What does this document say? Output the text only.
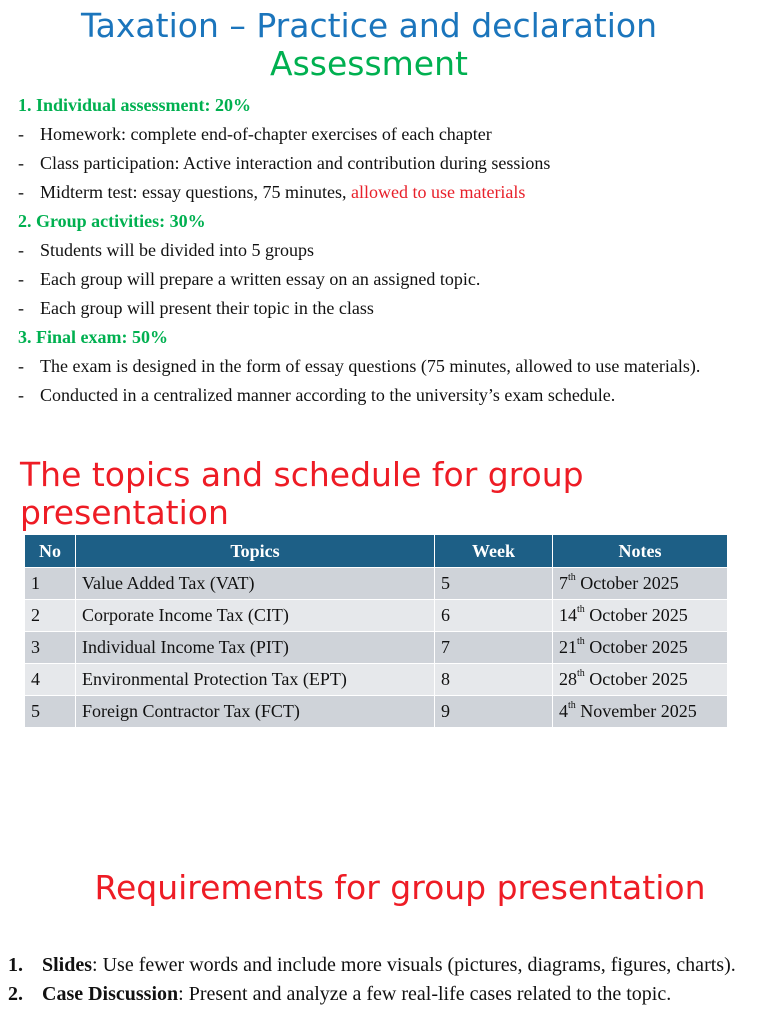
Taxation – Practice and declaration
Assessment
1. Individual assessment: 20%
- Homework: complete end-of-chapter exercises of each chapter
- Class participation: Active interaction and contribution during sessions
- Midterm test: essay questions, 75 minutes, allowed to use materials
2. Group activities: 30%
- Students will be divided into 5 groups
- Each group will prepare a written essay on an assigned topic.
- Each group will present their topic in the class
3. Final exam: 50%
- The exam is designed in the form of essay questions (75 minutes, allowed to use materials).
- Conducted in a centralized manner according to the university’s exam schedule.
The topics and schedule for group presentation
No	Topics	Week	Notes
1	Value Added Tax (VAT)	5	7th October 2025
2	Corporate Income Tax (CIT)	6	14th October 2025
3	Individual Income Tax (PIT)	7	21th October 2025
4	Environmental Protection Tax (EPT)	8	28th October 2025
5	Foreign Contractor Tax (FCT)	9	4th November 2025
Requirements for group presentation
1. Slides: Use fewer words and include more visuals (pictures, diagrams, figures, charts).
2. Case Discussion: Present and analyze a few real-life cases related to the topic.
